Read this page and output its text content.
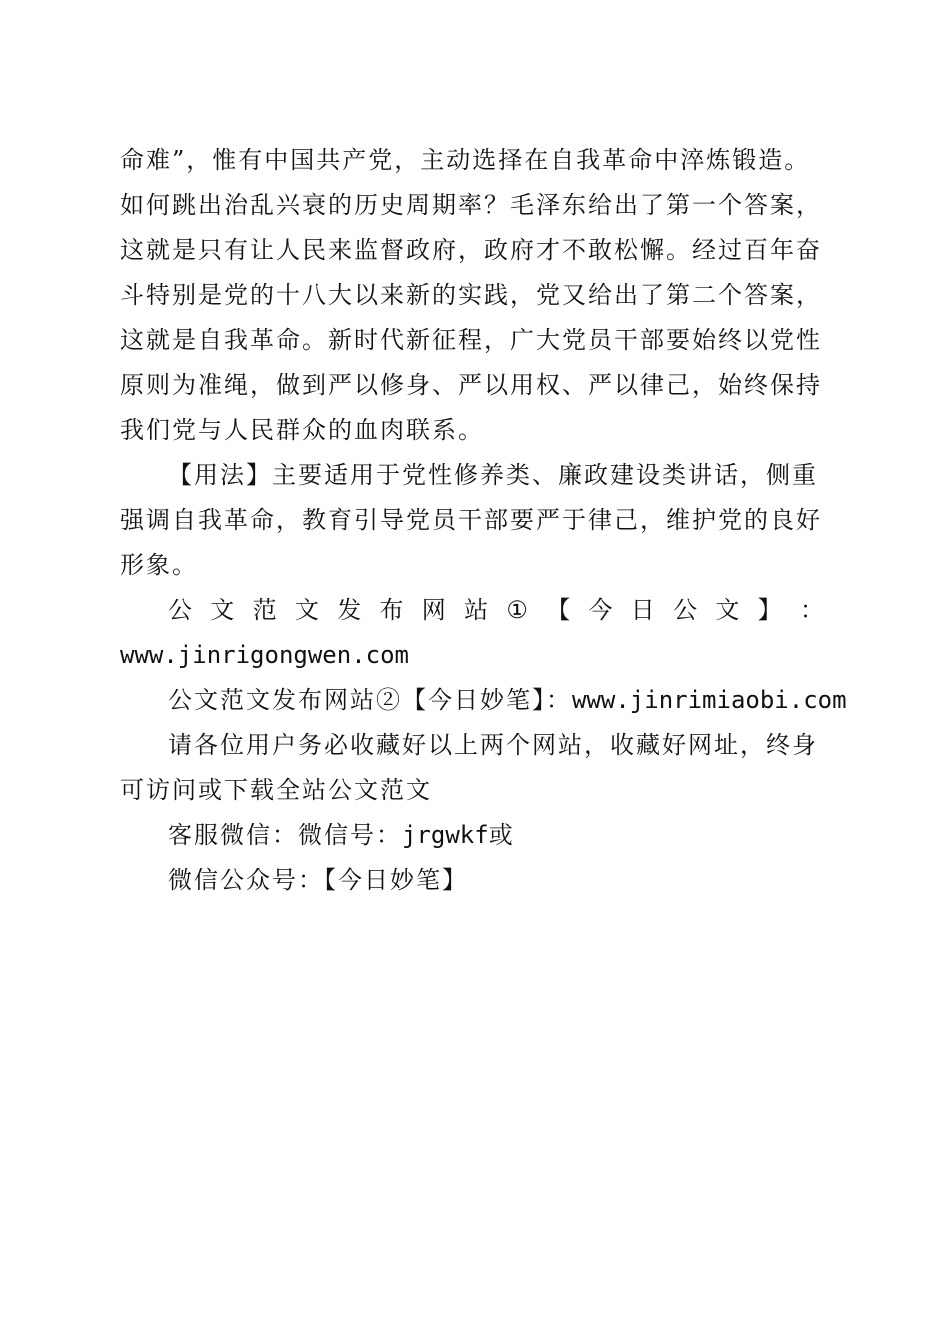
命难”，惟有中国共产党，主动选择在自我革命中淬炼锻造。
如何跳出治乱兴衰的历史周期率？毛泽东给出了第一个答案，
这就是只有让人民来监督政府，政府才不敢松懈。经过百年奋
斗特别是党的十八大以来新的实践，党又给出了第二个答案，
这就是自我革命。新时代新征程，广大党员干部要始终以党性
原则为准绳，做到严以修身、严以用权、严以律己，始终保持
我们党与人民群众的血肉联系。
【用法】主要适用于党性修养类、廉政建设类讲话，侧重
强调自我革命，教育引导党员干部要严于律己，维护党的良好
形象。
公 文 范 文 发 布 网 站 ① 【 今 日 公 文 】 ：
www.jinrigongwen.com
公文范文发布网站②【今日妙笔】：www.jinrimiaobi.com
请各位用户务必收藏好以上两个网站，收藏好网址，终身
可访问或下载全站公文范文
客服微信：微信号：jrgwkf或
微信公众号：【今日妙笔】
